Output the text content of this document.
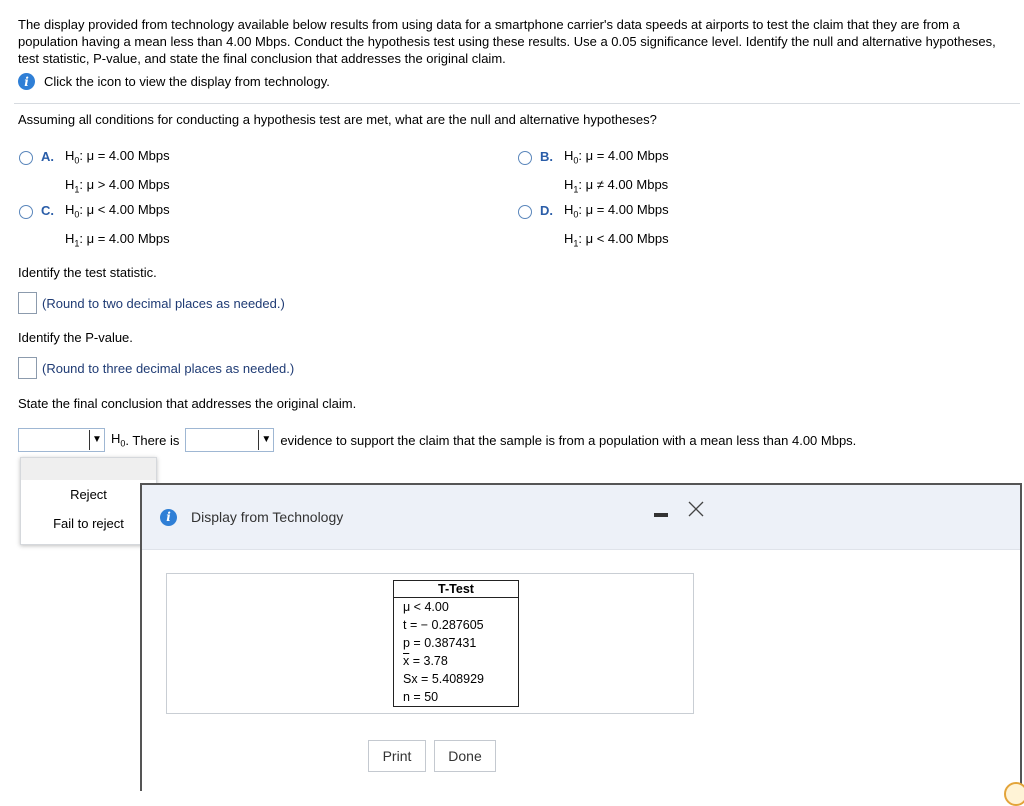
The display provided from technology available below results from using data for a smartphone carrier's data speeds at airports to test the claim that they are from a population having a mean less than 4.00 Mbps. Conduct the hypothesis test using these results. Use a 0.05 significance level. Identify the null and alternative hypotheses, test statistic, P-value, and state the final conclusion that addresses the original claim.
i	Click the icon to view the display from technology.
Assuming all conditions for conducting a hypothesis test are met, what are the null and alternative hypotheses?
A. $H_0$: μ = 4.00 Mbps
$H_1$: μ > 4.00 Mbps
B. $H_0$: μ = 4.00 Mbps
$H_1$: μ ≠ 4.00 Mbps
C. $H_0$: μ < 4.00 Mbps
$H_1$: μ = 4.00 Mbps
D. $H_0$: μ = 4.00 Mbps
$H_1$: μ < 4.00 Mbps
Identify the test statistic.
(Round to two decimal places as needed.)
Identify the P-value.
(Round to three decimal places as needed.)
State the final conclusion that addresses the original claim.
▼ $H_0$ . There is	▼ evidence to support the claim that the sample is from a population with a mean less than 4.00 Mbps.
Reject
Fail to reject	i	Display from Technology
T-Test
μ < 4.00
t = − 0.287605
p = 0.387431
$\overline{x} = 3.78$
Sx = 5.408929
n = 50
Print	Done
